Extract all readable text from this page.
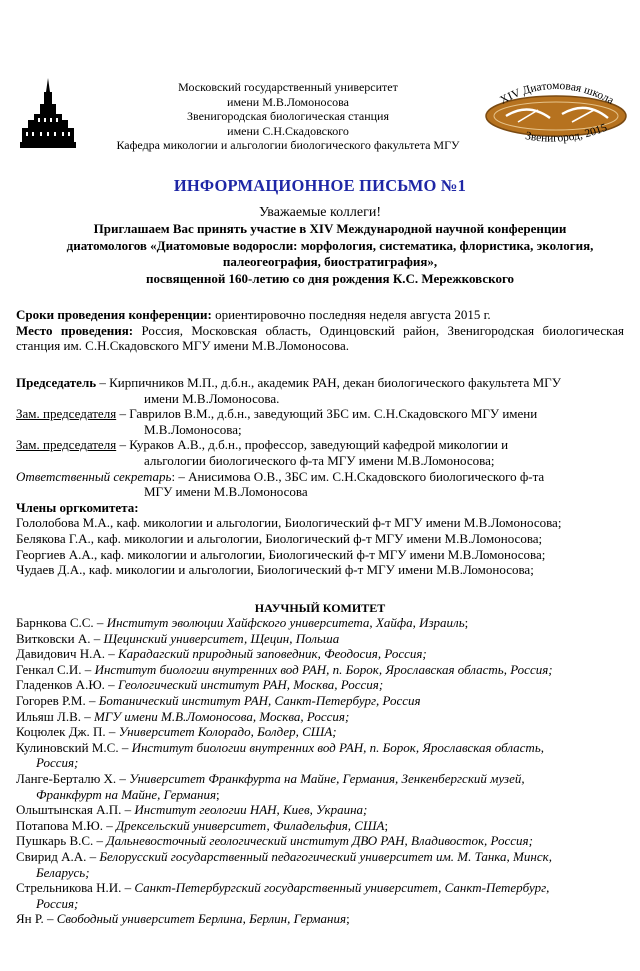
Московский государственный университет
имени М.В.Ломоносова
Звенигородская биологическая станция
имени С.Н.Скадовского
Кафедра микологии и альгологии биологического факультета МГУ
XIV Диатомовая школа
Звенигород, 2015
ИНФОРМАЦИОННОЕ ПИСЬМО №1
Уважаемые коллеги!
Приглашаем Вас принять участие в XIV Международной научной конференции
диатомологов «Диатомовые водоросли: морфология, систематика, флористика, экология,
палеогеография, биостратиграфия»,
посвященной 160-летию со дня рождения К.С. Мережковского
Сроки проведения конференции: ориентировочно последняя неделя августа 2015 г.
Место проведения: Россия, Московская область, Одинцовский район, Звенигородская биологическая станция им. С.Н.Скадовского МГУ имени М.В.Ломоносова.
Председатель – Кирпичников М.П., д.б.н., академик РАН, декан биологического факультета МГУ
имени М.В.Ломоносова.
Зам. председателя – Гаврилов В.М., д.б.н., заведующий ЗБС им. С.Н.Скадовского МГУ имени
М.В.Ломоносова;
Зам. председателя – Кураков А.В., д.б.н., профессор, заведующий кафедрой микологии и
альгологии биологического ф-та МГУ имени М.В.Ломоносова;
Ответственный секретарь: – Анисимова О.В., ЗБС им. С.Н.Скадовского биологического ф-та
МГУ имени М.В.Ломоносова
Члены оргкомитета:
Гололобова М.А., каф. микологии и альгологии, Биологический ф-т МГУ имени М.В.Ломоносова;
Белякова Г.А., каф. микологии и альгологии, Биологический ф-т МГУ имени М.В.Ломоносова;
Георгиев А.А., каф. микологии и альгологии, Биологический ф-т МГУ имени М.В.Ломоносова;
Чудаев Д.А., каф. микологии и альгологии, Биологический ф-т МГУ имени М.В.Ломоносова;
НАУЧНЫЙ КОМИТЕТ
Барнкова С.С. – Институт эволюции Хайфского университета, Хайфа, Израиль;
Витковски А. – Щецинский университет, Щецин, Польша
Давидович Н.А. – Карадагский природный заповедник, Феодосия, Россия;
Генкал С.И. – Институт биологии внутренних вод РАН, п. Борок, Ярославская область, Россия;
Гладенков А.Ю. – Геологический институт РАН, Москва, Россия;
Гогорев Р.М. – Ботанический институт РАН, Санкт-Петербург, Россия
Ильяш Л.В. – МГУ имени М.В.Ломоносова, Москва, Россия;
Коцюлек Дж. П. – Университет Колорадо, Болдер, США;
Кулиновский М.С. – Институт биологии внутренних вод РАН, п. Борок, Ярославская область,
Россия;
Ланге-Берталю Х. – Университет Франкфурта на Майне, Германия, Зенкенбергский музей,
Франкфурт на Майне, Германия;
Ольштынская А.П. – Институт геологии НАН, Киев, Украина;
Потапова М.Ю. – Дрексельский университет, Филадельфия, США;
Пушкарь В.С. – Дальневосточный геологический институт ДВО РАН, Владивосток, Россия;
Свирид А.А. – Белорусский государственный педагогический университет им. М. Танка, Минск,
Беларусь;
Стрельникова Н.И. – Санкт-Петербургский государственный университет, Санкт-Петербург,
Россия;
Ян Р. – Свободный университет Берлина, Берлин, Германия;
